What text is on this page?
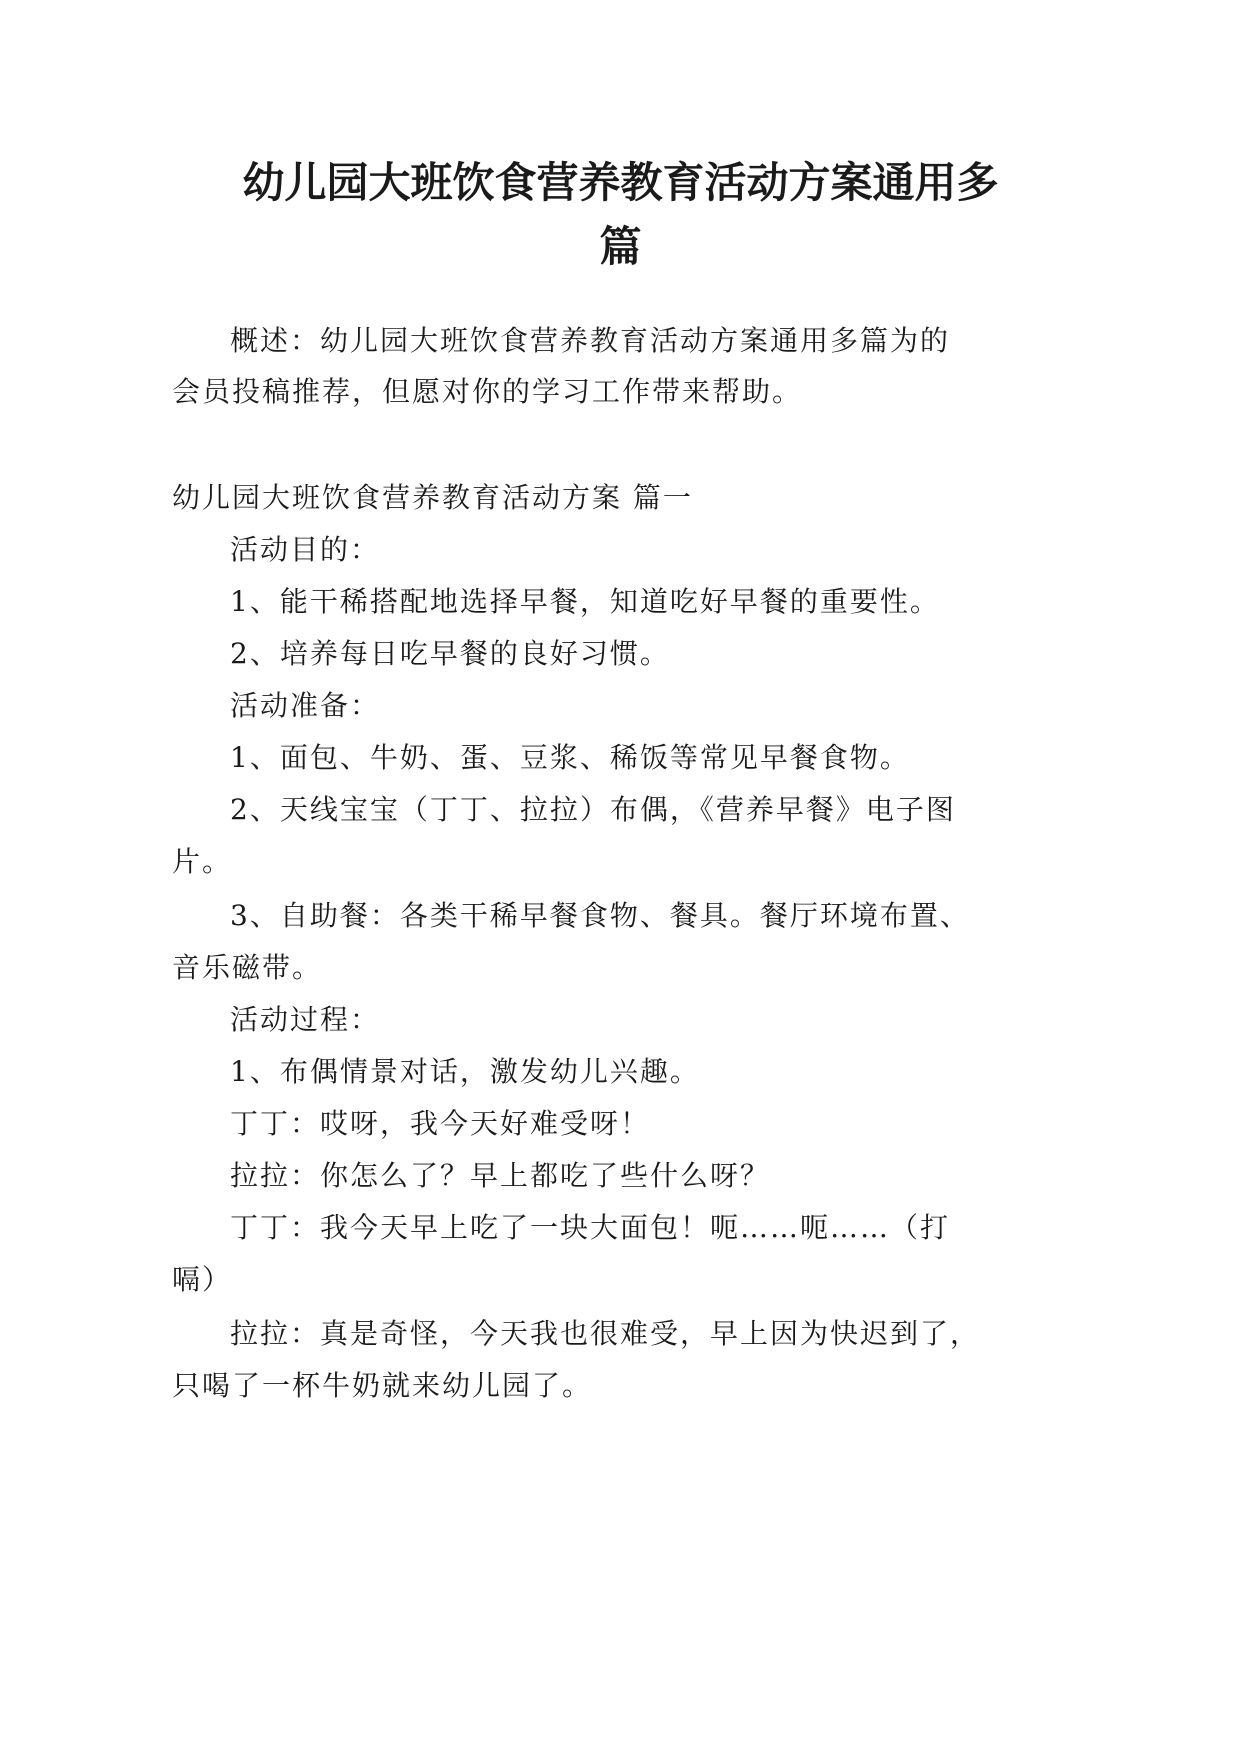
幼儿园大班饮食营养教育活动方案通用多
篇
概述：幼儿园大班饮食营养教育活动方案通用多篇为的
会员投稿推荐，但愿对你的学习工作带来帮助。
幼儿园大班饮食营养教育活动方案 篇一
活动目的：
1、能干稀搭配地选择早餐，知道吃好早餐的重要性。
2、培养每日吃早餐的良好习惯。
活动准备：
1、面包、牛奶、蛋、豆浆、稀饭等常见早餐食物。
2、天线宝宝（丁丁、拉拉）布偶，《营养早餐》电子图
片。
3、自助餐：各类干稀早餐食物、餐具。餐厅环境布置、
音乐磁带。
活动过程：
1、布偶情景对话，激发幼儿兴趣。
丁丁：哎呀，我今天好难受呀！
拉拉：你怎么了？早上都吃了些什么呀？
丁丁：我今天早上吃了一块大面包！呃……呃……（打
嗝）
拉拉：真是奇怪，今天我也很难受，早上因为快迟到了，
只喝了一杯牛奶就来幼儿园了。
